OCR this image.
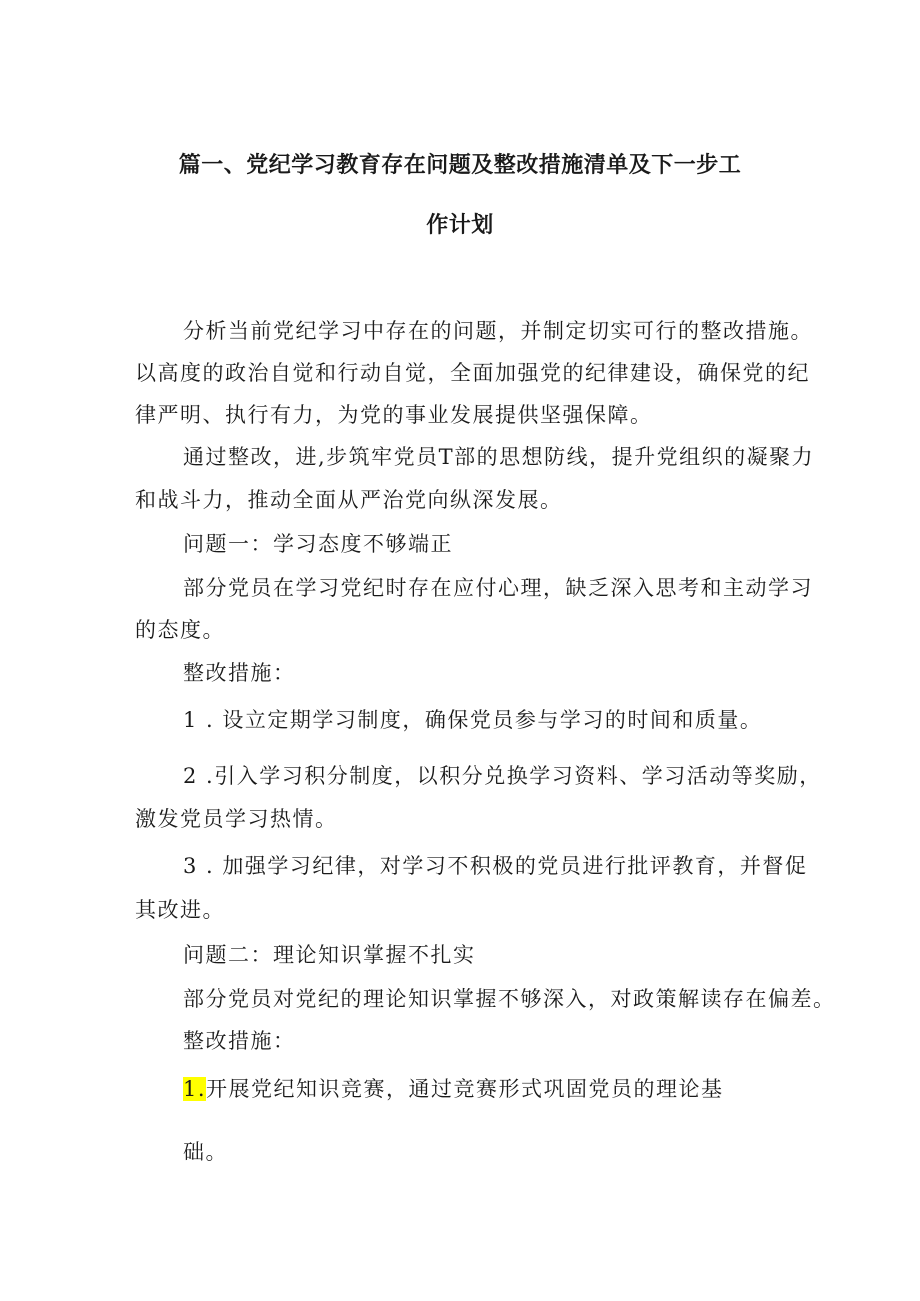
篇一、党纪学习教育存在问题及整改措施清单及下一步工
作计划
分析当前党纪学习中存在的问题，并制定切实可行的整改措施。
以高度的政治自觉和行动自觉，全面加强党的纪律建设，确保党的纪
律严明、执行有力，为党的事业发展提供坚强保障。
通过整改，进,步筑牢党员T部的思想防线，提升党组织的凝聚力
和战斗力，推动全面从严治党向纵深发展。
问题一：学习态度不够端正
部分党员在学习党纪时存在应付心理，缺乏深入思考和主动学习
的态度。
整改措施：
1 . 设立定期学习制度，确保党员参与学习的时间和质量。
2 .引入学习积分制度，以积分兑换学习资料、学习活动等奖励，
激发党员学习热情。
3 . 加强学习纪律，对学习不积极的党员进行批评教育，并督促
其改进。
问题二：理论知识掌握不扎实
部分党员对党纪的理论知识掌握不够深入，对政策解读存在偏差。
整改措施：
1.开展党纪知识竞赛，通过竞赛形式巩固党员的理论基
础。
